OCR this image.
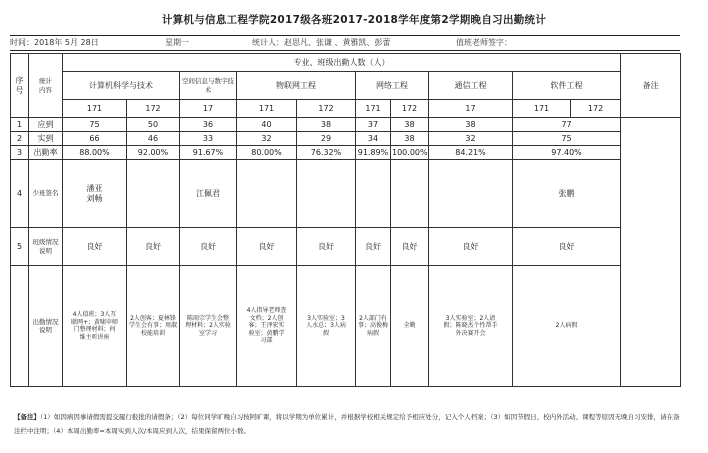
计算机与信息工程学院2017级各班2017-2018学年度第2学期晚自习出勤统计
时间：2018年 5月 28日	星期一	统计人：赵思凡、张谦 、黄雅凯、彭蕾	值班老师签字：
序号	统计
内容	专业、班级出勤人数（人）										备注
		计算机科学与技术		空间信息与数字技术	物联网工程		网络工程		通信工程	软件工程		
		171	172	17	171	172	171	172	17	171	172	
1	应到	75	50	36	40	38	37	38	38	77		
2	实到	66	46	33	32	29	34	38	32	75		
3	出勤率	88.00%	92.00%	91.67%	80.00%	76.32%	91.89%	100.00%	84.21%	97.40%		
4	少班签名	潘亚
刘畅		江佩君						张鹏		
5	班级情况
说明	良好	良好	良好	良好	良好	良好	良好	良好	良好		
	出勤情况
说明	4人值班；3人互
联网+；黄啸申师
门整理材料；何
维主听讲座	2人创客；夏林锋
学生会有事；周淑
校能培训	陈雨宗学生会整
理材料；2人实验
室学习	4人指导老师查
文档；2人创
客；王泽宏实
验室；黄鹏学
习部	3人实验室；3
人水总；3人病
假	2人部门有
事；高俊梅
病假	全勤	3人实验室；2人请
假；陈晓杰个性帮手
外决赛开会	2人病假		
【备注】（1）如因病因事请假需提交履行报批的请假条；（2）每位同学旷晚自习按阿旷课，将以学期为单位累计，并根据学校相关规定给予相应处分，记入个人档案；（3）如因节假日、校内外活动、课程等原因无晚自习安排，请在备注栏中注明；（4）本周出勤率=本周实到人次/本周应到人次，结果保留两位小数。
